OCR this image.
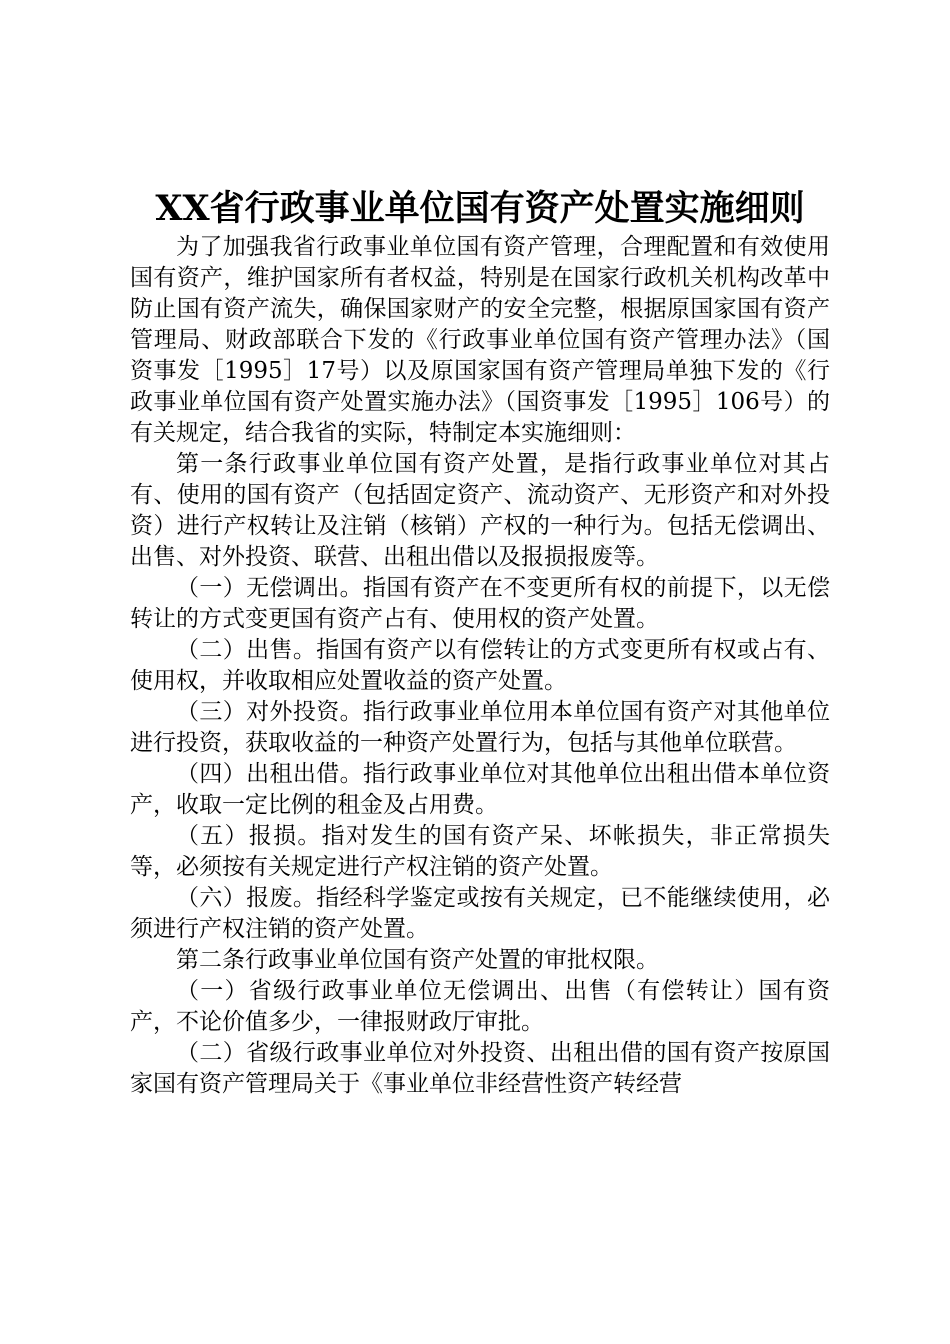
XX省行政事业单位国有资产处置实施细则

为了加强我省行政事业单位国有资产管理，合理配置和有效使用国有资产，维护国家所有者权益，特别是在国家行政机关机构改革中防止国有资产流失，确保国家财产的安全完整，根据原国家国有资产管理局、财政部联合下发的《行政事业单位国有资产管理办法》（国资事发［1995］17号）以及原国家国有资产管理局单独下发的《行政事业单位国有资产处置实施办法》（国资事发［1995］106号）的有关规定，结合我省的实际，特制定本实施细则：

第一条行政事业单位国有资产处置，是指行政事业单位对其占有、使用的国有资产（包括固定资产、流动资产、无形资产和对外投资）进行产权转让及注销（核销）产权的一种行为。包括无偿调出、出售、对外投资、联营、出租出借以及报损报废等。

（一）无偿调出。指国有资产在不变更所有权的前提下，以无偿转让的方式变更国有资产占有、使用权的资产处置。

（二）出售。指国有资产以有偿转让的方式变更所有权或占有、使用权，并收取相应处置收益的资产处置。

（三）对外投资。指行政事业单位用本单位国有资产对其他单位进行投资，获取收益的一种资产处置行为，包括与其他单位联营。

（四）出租出借。指行政事业单位对其他单位出租出借本单位资产，收取一定比例的租金及占用费。

（五）报损。指对发生的国有资产呆、坏帐损失，非正常损失等，必须按有关规定进行产权注销的资产处置。

（六）报废。指经科学鉴定或按有关规定，已不能继续使用，必须进行产权注销的资产处置。

第二条行政事业单位国有资产处置的审批权限。

（一）省级行政事业单位无偿调出、出售（有偿转让）国有资产，不论价值多少，一律报财政厅审批。

（二）省级行政事业单位对外投资、出租出借的国有资产按原国家国有资产管理局关于《事业单位非经营性资产转经营
